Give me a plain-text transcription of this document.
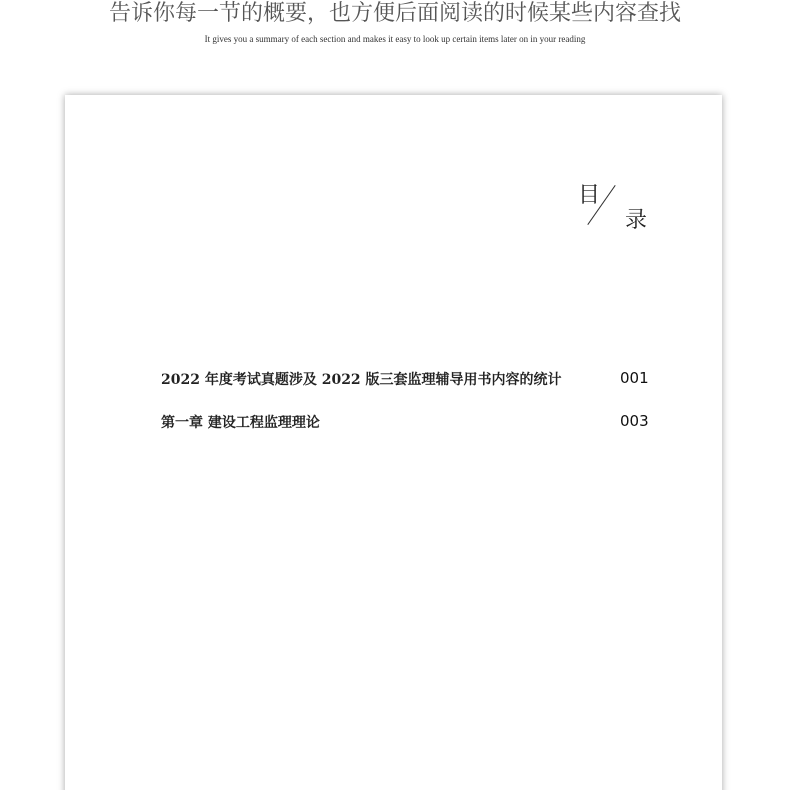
告诉你每一节的概要，也方便后面阅读的时候某些内容查找
It gives you a summary of each section and makes it easy to look up certain items later on in your reading
目
录
2022 年度考试真题涉及 2022 版三套监理辅导用书内容的统计	001
第一章 建设工程监理理论	003
